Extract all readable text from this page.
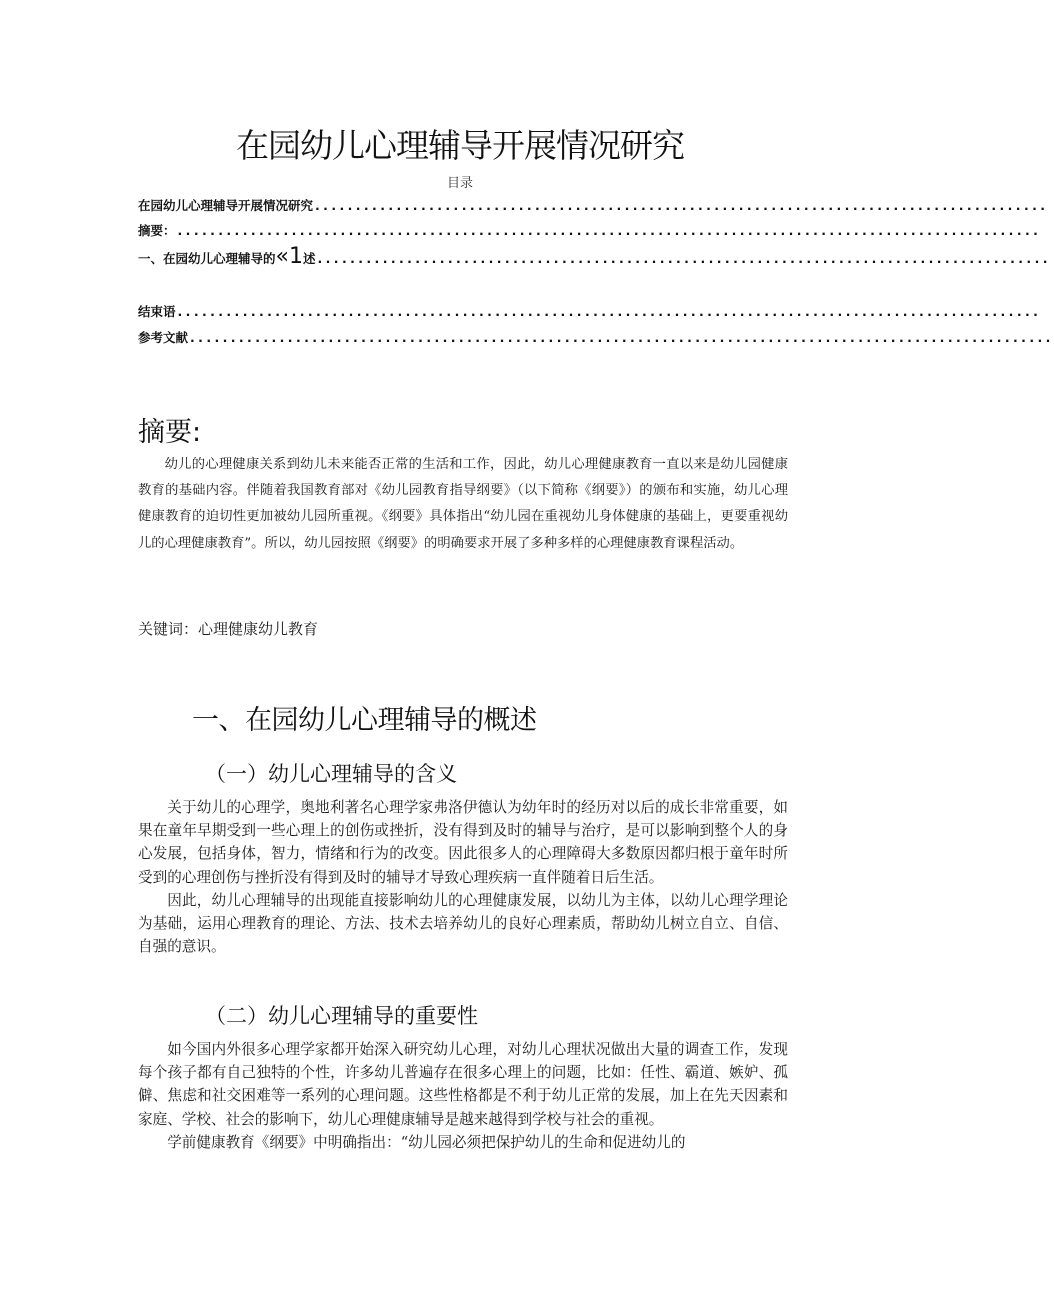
在园幼儿心理辅导开展情况研究
目录
在园幼儿心理辅导开展情况研究 ..........................................................................................
摘要： ..........................................................................................................
一、在园幼儿心理辅导的«1述 ..........................................................................................
结束语 ..........................................................................................................
参考文献 ..........................................................................................................
摘要:

幼儿的心理健康关系到幼儿未来能否正常的生活和工作，因此，幼儿心理健康教育一直以来是幼儿园健康教育的基础内容。伴随着我国教育部对《幼儿园教育指导纲要》（以下简称《纲要》）的颁布和实施，幼儿心理健康教育的迫切性更加被幼儿园所重视。《纲要》具体指出“幼儿园在重视幼儿身体健康的基础上，更要重视幼儿的心理健康教育”。所以，幼儿园按照《纲要》的明确要求开展了多种多样的心理健康教育课程活动。

关键词：心理健康幼儿教育
一、在园幼儿心理辅导的概述
（一）幼儿心理辅导的含义

关于幼儿的心理学，奥地利著名心理学家弗洛伊德认为幼年时的经历对以后的成长非常重要，如果在童年早期受到一些心理上的创伤或挫折，没有得到及时的辅导与治疗，是可以影响到整个人的身心发展，包括身体，智力，情绪和行为的改变。因此很多人的心理障碍大多数原因都归根于童年时所受到的心理创伤与挫折没有得到及时的辅导才导致心理疾病一直伴随着日后生活。

因此，幼儿心理辅导的出现能直接影响幼儿的心理健康发展，以幼儿为主体，以幼儿心理学理论为基础，运用心理教育的理论、方法、技术去培养幼儿的良好心理素质，帮助幼儿树立自立、自信、自强的意识。

（二）幼儿心理辅导的重要性

如今国内外很多心理学家都开始深入研究幼儿心理，对幼儿心理状况做出大量的调查工作，发现每个孩子都有自己独特的个性，许多幼儿普遍存在很多心理上的问题，比如：任性、霸道、嫉妒、孤僻、焦虑和社交困难等一系列的心理问题。这些性格都是不利于幼儿正常的发展，加上在先天因素和家庭、学校、社会的影响下，幼儿心理健康辅导是越来越得到学校与社会的重视。

学前健康教育《纲要》中明确指出：“幼儿园必须把保护幼儿的生命和促进幼儿的
